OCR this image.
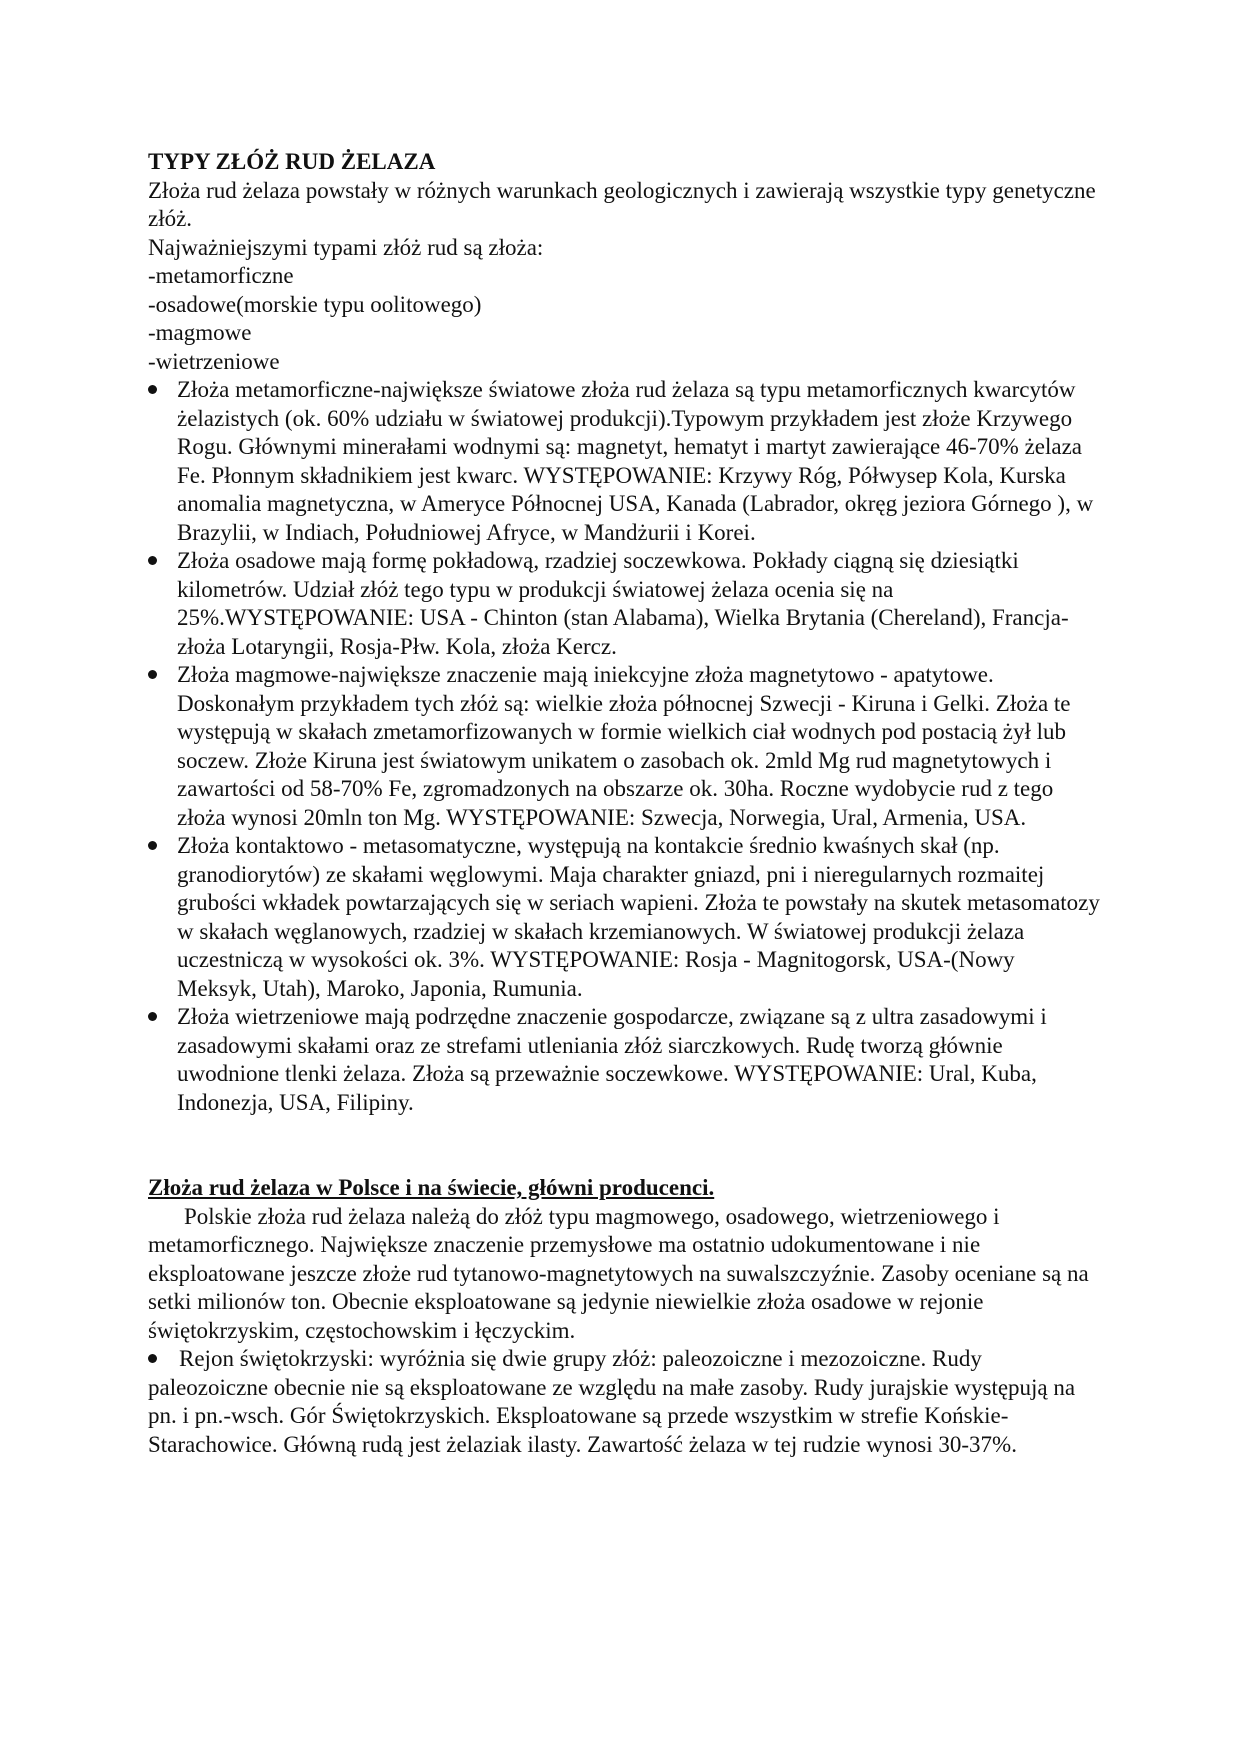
TYPY ZŁÓŻ RUD ŻELAZA

Złoża rud żelaza powstały w różnych warunkach geologicznych i zawierają wszystkie typy genetyczne złóż.

Najważniejszymi typami złóż rud są złoża:

-metamorficzne

-osadowe(morskie typu oolitowego)

-magmowe

-wietrzeniowe

Złoża metamorficzne-największe światowe złoża rud żelaza są typu metamorficznych kwarcytów żelazistych (ok. 60% udziału w światowej produkcji).Typowym przykładem jest złoże Krzywego Rogu. Głównymi minerałami wodnymi są: magnetyt, hematyt i martyt zawierające 46-70% żelaza Fe. Płonnym składnikiem jest kwarc. WYSTĘPOWANIE: Krzywy Róg, Półwysep Kola, Kurska anomalia magnetyczna, w Ameryce Północnej USA, Kanada (Labrador, okręg jeziora Górnego ), w Brazylii, w Indiach, Południowej Afryce, w Mandżurii i Korei.
Złoża osadowe mają formę pokładową, rzadziej soczewkowa. Pokłady ciągną się dziesiątki kilometrów. Udział złóż tego typu w produkcji światowej żelaza ocenia się na 25%.WYSTĘPOWANIE: USA - Chinton (stan Alabama), Wielka Brytania (Chereland), Francja-złoża Lotaryngii, Rosja-Płw. Kola, złoża Kercz.
Złoża magmowe-największe znaczenie mają iniekcyjne złoża magnetytowo - apatytowe. Doskonałym przykładem tych złóż są: wielkie złoża północnej Szwecji - Kiruna i Gelki. Złoża te występują w skałach zmetamorfizowanych w formie wielkich ciał wodnych pod postacią żył lub soczew. Złoże Kiruna jest światowym unikatem o zasobach ok. 2mld Mg rud magnetytowych i zawartości od 58-70% Fe, zgromadzonych na obszarze ok. 30ha. Roczne wydobycie rud z tego złoża wynosi 20mln ton Mg. WYSTĘPOWANIE: Szwecja, Norwegia, Ural, Armenia, USA.
Złoża kontaktowo - metasomatyczne, występują na kontakcie średnio kwaśnych skał (np. granodiorytów) ze skałami węglowymi. Maja charakter gniazd, pni i nieregularnych rozmaitej grubości wkładek powtarzających się w seriach wapieni. Złoża te powstały na skutek metasomatozy w skałach węglanowych, rzadziej w skałach krzemianowych. W światowej produkcji żelaza uczestniczą w wysokości ok. 3%. WYSTĘPOWANIE: Rosja - Magnitogorsk, USA-(Nowy Meksyk, Utah), Maroko, Japonia, Rumunia.
Złoża wietrzeniowe mają podrzędne znaczenie gospodarcze, związane są z ultra zasadowymi i zasadowymi skałami oraz ze strefami utleniania złóż siarczkowych. Rudę tworzą głównie uwodnione tlenki żelaza. Złoża są przeważnie soczewkowe. WYSTĘPOWANIE: Ural, Kuba, Indonezja, USA, Filipiny.

Złoża rud żelaza w Polsce i na świecie, główni producenci.

Polskie złoża rud żelaza należą do złóż typu magmowego, osadowego, wietrzeniowego i metamorficznego. Największe znaczenie przemysłowe ma ostatnio udokumentowane i nie eksploatowane jeszcze złoże rud tytanowo-magnetytowych na suwalszczyźnie. Zasoby oceniane są na setki milionów ton. Obecnie eksploatowane są jedynie niewielkie złoża osadowe w rejonie świętokrzyskim, częstochowskim i łęczyckim.

Rejon świętokrzyski: wyróżnia się dwie grupy złóż: paleozoiczne i mezozoiczne. Rudy paleozoiczne obecnie nie są eksploatowane ze względu na małe zasoby. Rudy jurajskie występują na pn. i pn.-wsch. Gór Świętokrzyskich. Eksploatowane są przede wszystkim w strefie Końskie-Starachowice. Główną rudą jest żelaziak ilasty. Zawartość żelaza w tej rudzie wynosi 30-37%.
